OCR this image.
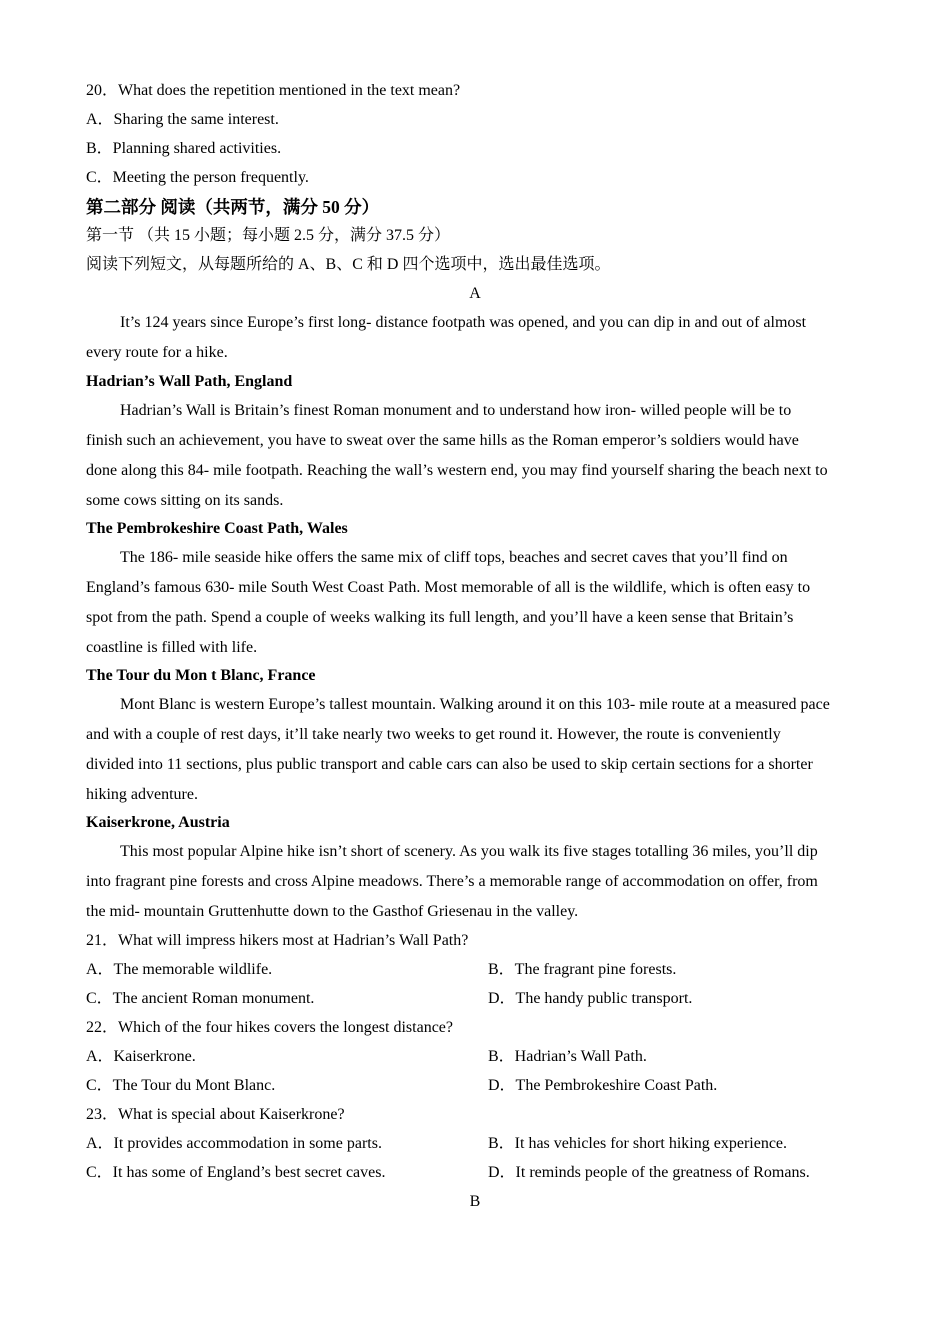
20．What does the repetition mentioned in the text mean?
A．Sharing the same interest.
B．Planning shared activities.
C．Meeting the person frequently.
第二部分 阅读（共两节，满分 50 分）
第一节 （共 15 小题；每小题 2.5 分，满分 37.5 分）
阅读下列短文，从每题所给的 A、B、C 和 D 四个选项中，选出最佳选项。
A
It’s 124 years since Europe’s first long- distance footpath was opened, and you can dip in and out of almost
every route for a hike.
Hadrian’s Wall Path, England
Hadrian’s Wall is Britain’s finest Roman monument and to understand how iron- willed people will be to
finish such an achievement, you have to sweat over the same hills as the Roman emperor’s soldiers would have
done along this 84- mile footpath. Reaching the wall’s western end, you may find yourself sharing the beach next to
some cows sitting on its sands.
The Pembrokeshire Coast Path, Wales
The 186- mile seaside hike offers the same mix of cliff tops, beaches and secret caves that you’ll find on
England’s famous 630- mile South West Coast Path. Most memorable of all is the wildlife, which is often easy to
spot from the path. Spend a couple of weeks walking its full length, and you’ll have a keen sense that Britain’s
coastline is filled with life.
The Tour du Mon t Blanc, France
Mont Blanc is western Europe’s tallest mountain. Walking around it on this 103- mile route at a measured pace
and with a couple of rest days, it’ll take nearly two weeks to get round it. However, the route is conveniently
divided into 11 sections, plus public transport and cable cars can also be used to skip certain sections for a shorter
hiking adventure.
Kaiserkrone, Austria
This most popular Alpine hike isn’t short of scenery. As you walk its five stages totalling 36 miles, you’ll dip
into fragrant pine forests and cross Alpine meadows. There’s a memorable range of accommodation on offer, from
the mid- mountain Gruttenhutte down to the Gasthof Griesenau in the valley.
21．What will impress hikers most at Hadrian’s Wall Path?
A．The memorable wildlife.	B．The fragrant pine forests.
C．The ancient Roman monument.	D．The handy public transport.
22．Which of the four hikes covers the longest distance?
A．Kaiserkrone.	B．Hadrian’s Wall Path.
C．The Tour du Mont Blanc.	D．The Pembrokeshire Coast Path.
23．What is special about Kaiserkrone?
A．It provides accommodation in some parts.	B．It has vehicles for short hiking experience.
C．It has some of England’s best secret caves.	D．It reminds people of the greatness of Romans.
B
